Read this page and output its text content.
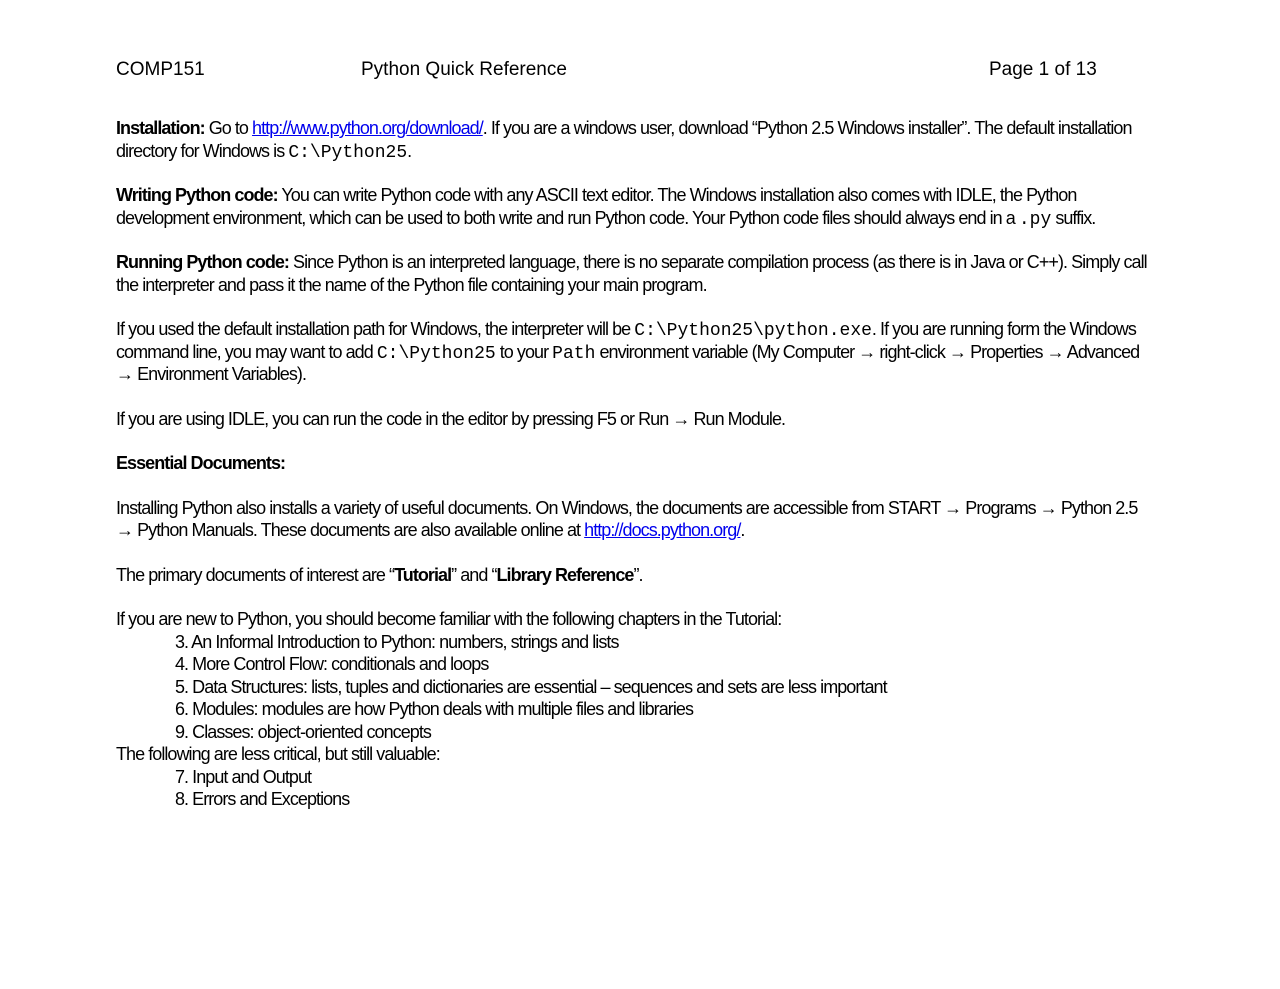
COMP151	Python Quick Reference	Page 1 of 13
Installation: Go to http://www.python.org/download/. If you are a windows user, download “Python 2.5 Windows installer”. The default installation
directory for Windows is C:\Python25.
Writing Python code: You can write Python code with any ASCII text editor. The Windows installation also comes with IDLE, the Python
development environment, which can be used to both write and run Python code. Your Python code files should always end in a .py suffix.
Running Python code: Since Python is an interpreted language, there is no separate compilation process (as there is in Java or C++). Simply call
the interpreter and pass it the name of the Python file containing your main program.
If you used the default installation path for Windows, the interpreter will be C:\Python25\python.exe. If you are running form the Windows
command line, you may want to add C:\Python25 to your Path environment variable (My Computer → right-click → Properties → Advanced
→ Environment Variables).
If you are using IDLE, you can run the code in the editor by pressing F5 or Run → Run Module.
Essential Documents:
Installing Python also installs a variety of useful documents. On Windows, the documents are accessible from START → Programs → Python 2.5
→ Python Manuals. These documents are also available online at http://docs.python.org/.
The primary documents of interest are “Tutorial” and “Library Reference”.
If you are new to Python, you should become familiar with the following chapters in the Tutorial:
3. An Informal Introduction to Python: numbers, strings and lists
4. More Control Flow: conditionals and loops
5. Data Structures: lists, tuples and dictionaries are essential – sequences and sets are less important
6. Modules: modules are how Python deals with multiple files and libraries
9. Classes: object-oriented concepts
The following are less critical, but still valuable:
7. Input and Output
8. Errors and Exceptions
